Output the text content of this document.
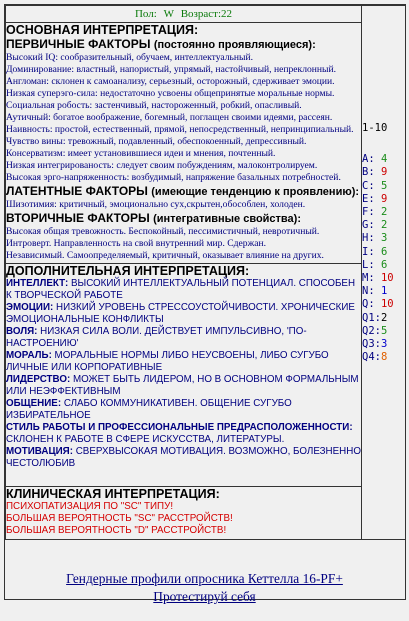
Пол: W Возраст:22	
1-10
A: 4
B: 9
C: 5
E: 9
F: 2
G: 2
H: 3
I: 6
L: 6
M: 10
N: 1
Q: 10
Q1:2
Q2:5
Q3:3
Q4:8

ОСНОВНАЯ ИНТЕРПРЕТАЦИЯ:
ПЕРВИЧНЫЕ ФАКТОРЫ (постоянно проявляющиеся):
Высокий IQ: сообразительный, обучаем, интеллектуальный.
Доминирование: властный, напористый, упрямый, настойчивый, непреклонный.
Англоман: склонен к самоанализу, серьезный, осторожный, сдерживает эмоции.
Низкая суперэго-сила: недостаточно усвоены общепринятые моральные нормы.
Социальная робость: застенчивый, настороженный, робкий, опасливый.
Аутичный: богатое воображение, богемный, поглащен своими идеями, рассеян.
Наивность: простой, естественный, прямой, непосредственный, непринципиальный.
Чувство вины: тревожный, подавленный, обеспокоенный, депрессивный.
Консерватизм: имеет установившиеся идеи и мнения, почтенный.
Низкая интегрированость: следует своим побуждениям, малоконтролируем.
Высокая эрго-напряженность: возбудимый, напряжение базальных потребностей.
ЛАТЕНТНЫЕ ФАКТОРЫ (имеющие тенденцию к проявлению):
Шизотимия: критичный, эмоционально сух,скрытен,обособлен, холоден.
ВТОРИЧНЫЕ ФАКТОРЫ (интегративные свойства):
Высокая общая тревожность. Беспокойный, пессимистичный, невротичный.
Интроверт. Направленность на свой внутренний мир. Сдержан.
Независимый. Самоопределяемый, критичный, оказывает влияние на других.

ДОПОЛНИТЕЛЬНАЯ ИНТЕРПРЕТАЦИЯ:
ИНТЕЛЛЕКТ: ВЫСОКИЙ ИНТЕЛЛЕКТУАЛЬНЫЙ ПОТЕНЦИАЛ. СПОСОБЕН К ТВОРЧЕСКОЙ РАБОТЕ
ЭМОЦИИ: НИЗКИЙ УРОВЕНЬ СТРЕССОУСТОЙЧИВОСТИ. ХРОНИЧЕСКИЕ ЭМОЦИОНАЛЬНЫЕ КОНФЛИКТЫ
ВОЛЯ: НИЗКАЯ СИЛА ВОЛИ. ДЕЙСТВУЕТ ИМПУЛЬСИВНО, 'ПО-НАСТРОЕНИЮ'
МОРАЛЬ: МОРАЛЬНЫЕ НОРМЫ ЛИБО НЕУСВОЕНЫ, ЛИБО СУГУБО ЛИЧНЫЕ ИЛИ КОРПОРАТИВНЫЕ
ЛИДЕРСТВО: МОЖЕТ БЫТЬ ЛИДЕРОМ, НО В ОСНОВНОМ ФОРМАЛЬНЫМ ИЛИ НЕЭФФЕКТИВНЫМ
ОБЩЕНИЕ: СЛАБО КОММУНИКАТИВЕН. ОБЩЕНИЕ СУГУБО ИЗБИРАТЕЛЬНОЕ
СТИЛЬ РАБОТЫ И ПРОФЕССИОНАЛЬНЫЕ ПРЕДРАСПОЛОЖЕННОСТИ: СКЛОНЕН К РАБОТЕ В СФЕРЕ ИСКУССТВА, ЛИТЕРАТУРЫ.
МОТИВАЦИЯ: СВЕРХВЫСОКАЯ МОТИВАЦИЯ. ВОЗМОЖНО, БОЛЕЗНЕННО ЧЕСТОЛЮБИВ

КЛИНИЧЕСКАЯ ИНТЕРПРЕТАЦИЯ:
ПСИХОПАТИЗАЦИЯ ПО "SC" ТИПУ!
БОЛЬШАЯ ВЕРОЯТНОСТЬ "SC" РАССТРОЙСТВ!
БОЛЬШАЯ ВЕРОЯТНОСТЬ "D" РАССТРОЙСТВ!
Гендерные профили опросника Кеттелла 16-PF+
Протестируй себя
